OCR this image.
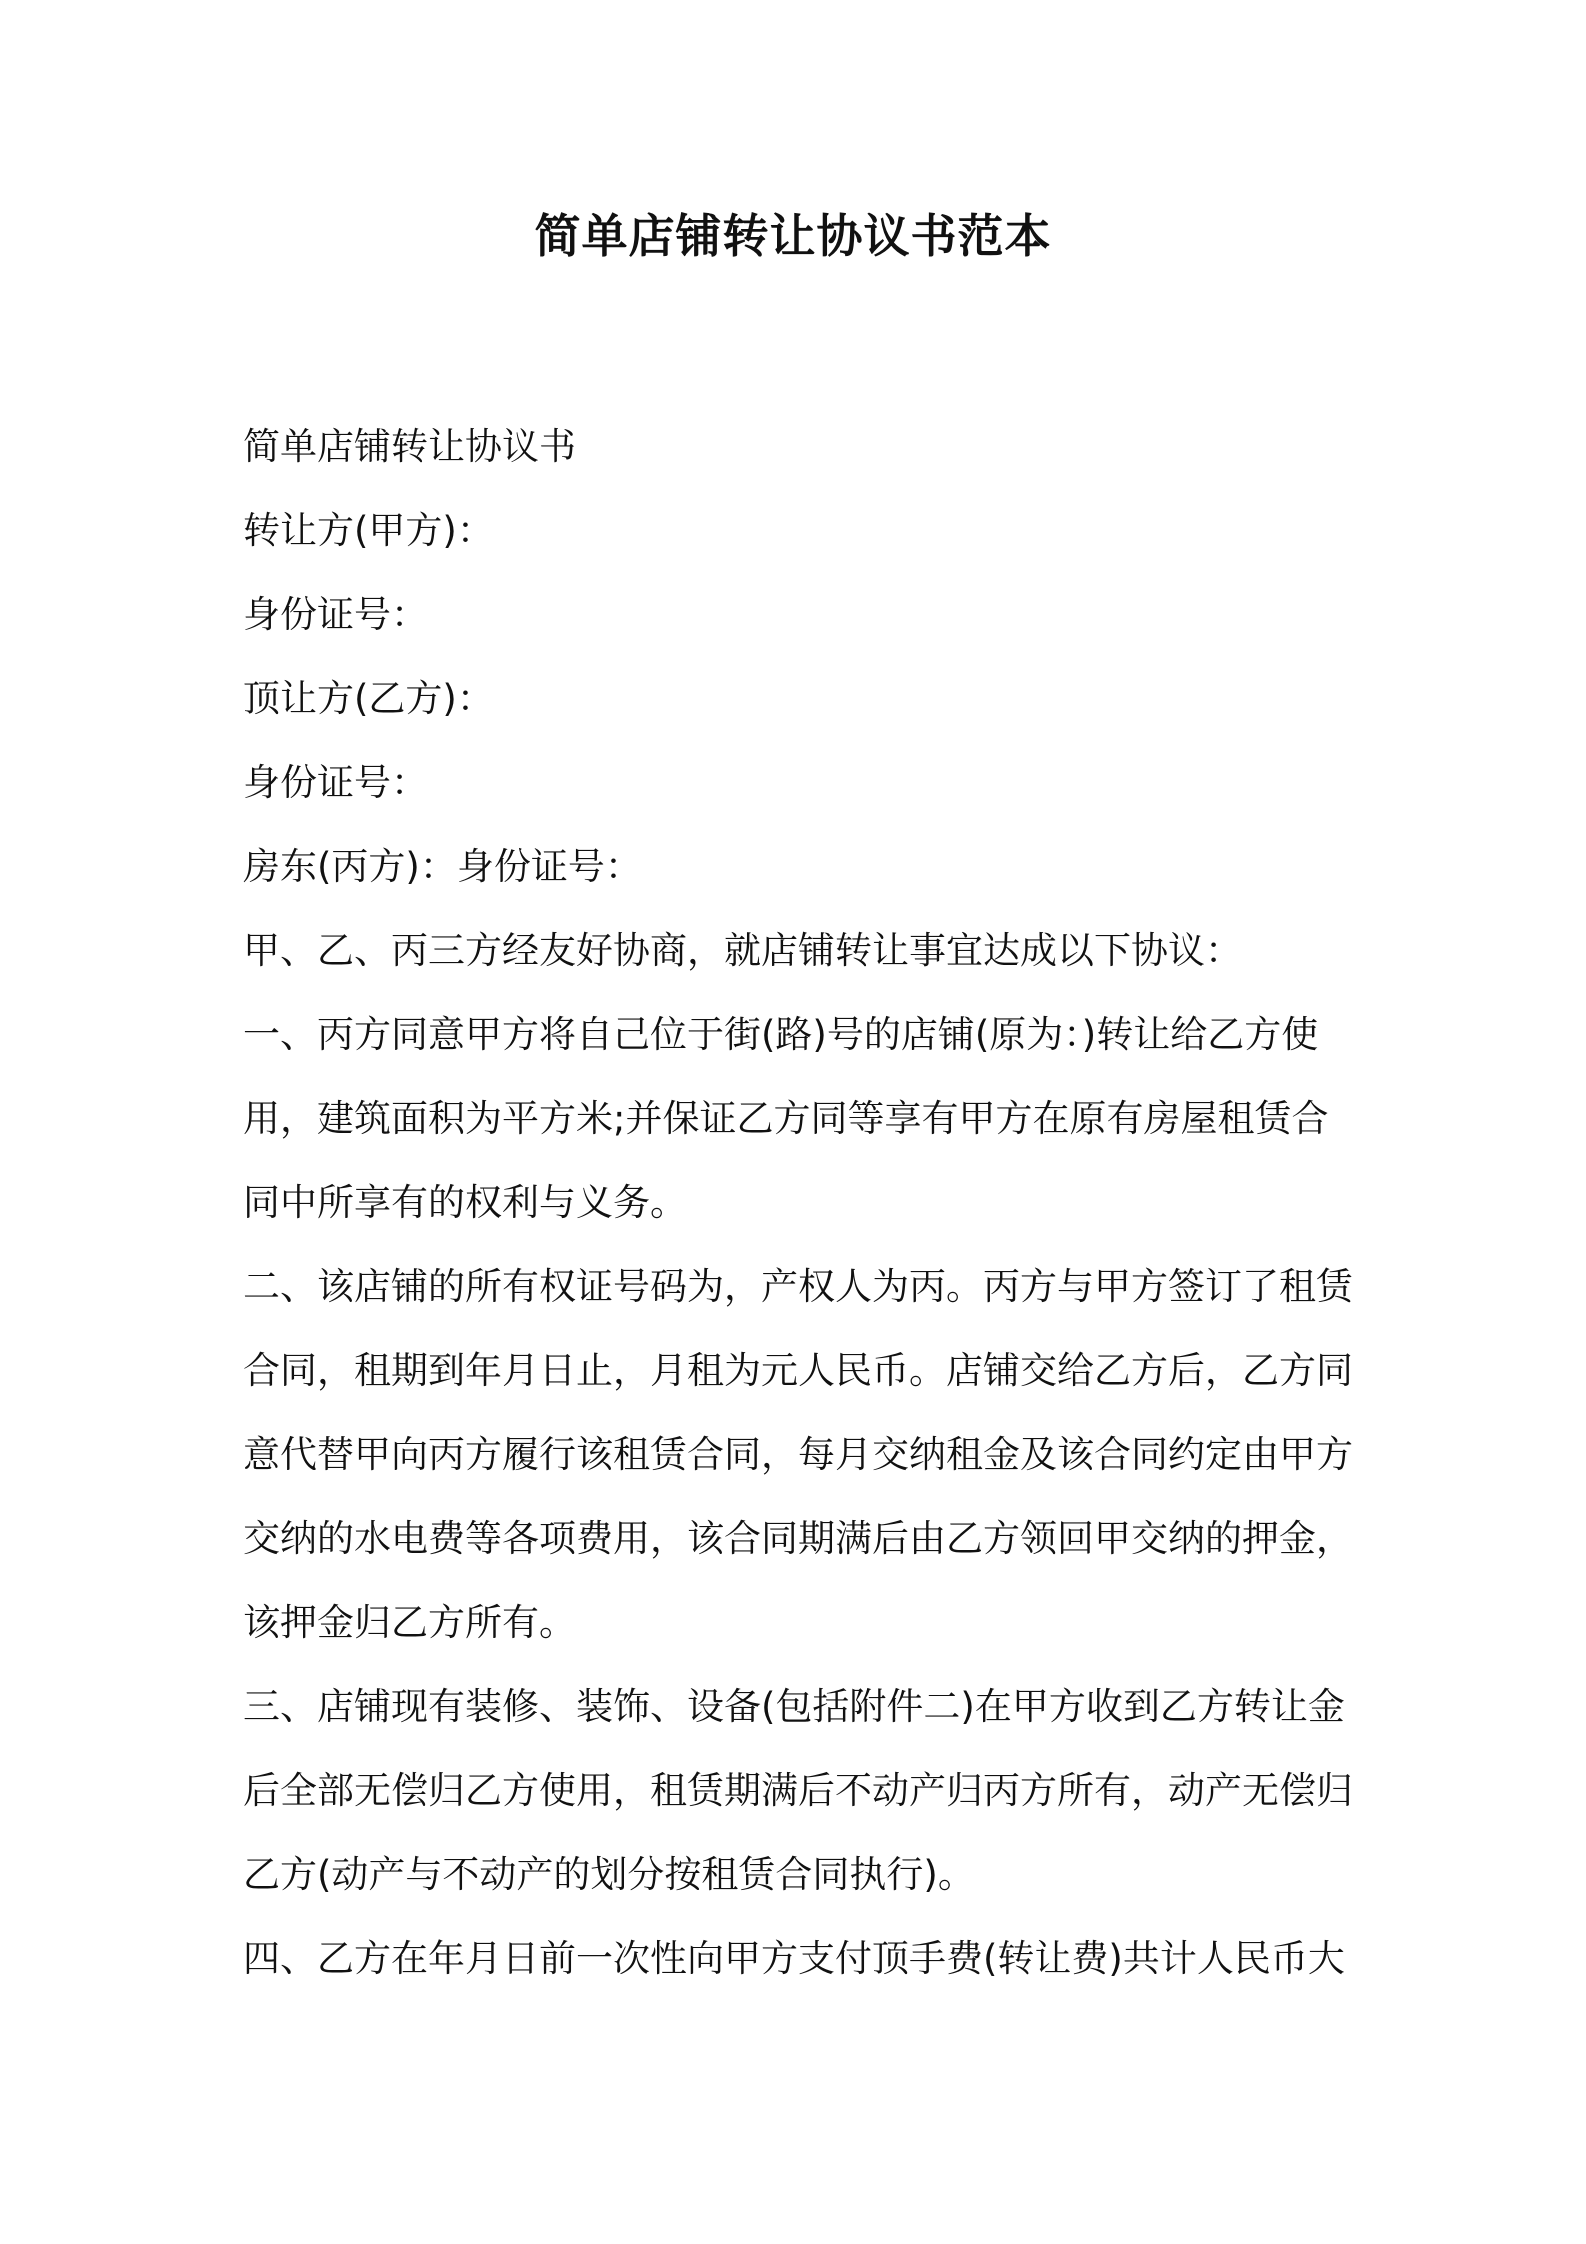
简单店铺转让协议书范本
简单店铺转让协议书
转让方(甲方)：
身份证号：
顶让方(乙方)：
身份证号：
房东(丙方)：身份证号：
甲、乙、丙三方经友好协商，就店铺转让事宜达成以下协议：
一、丙方同意甲方将自己位于街(路)号的店铺(原为：)转让给乙方使
用，建筑面积为平方米;并保证乙方同等享有甲方在原有房屋租赁合
同中所享有的权利与义务。
二、该店铺的所有权证号码为，产权人为丙。丙方与甲方签订了租赁
合同，租期到年月日止，月租为元人民币。店铺交给乙方后，乙方同
意代替甲向丙方履行该租赁合同，每月交纳租金及该合同约定由甲方
交纳的水电费等各项费用，该合同期满后由乙方领回甲交纳的押金，
该押金归乙方所有。
三、店铺现有装修、装饰、设备(包括附件二)在甲方收到乙方转让金
后全部无偿归乙方使用，租赁期满后不动产归丙方所有，动产无偿归
乙方(动产与不动产的划分按租赁合同执行)。
四、乙方在年月日前一次性向甲方支付顶手费(转让费)共计人民币大
